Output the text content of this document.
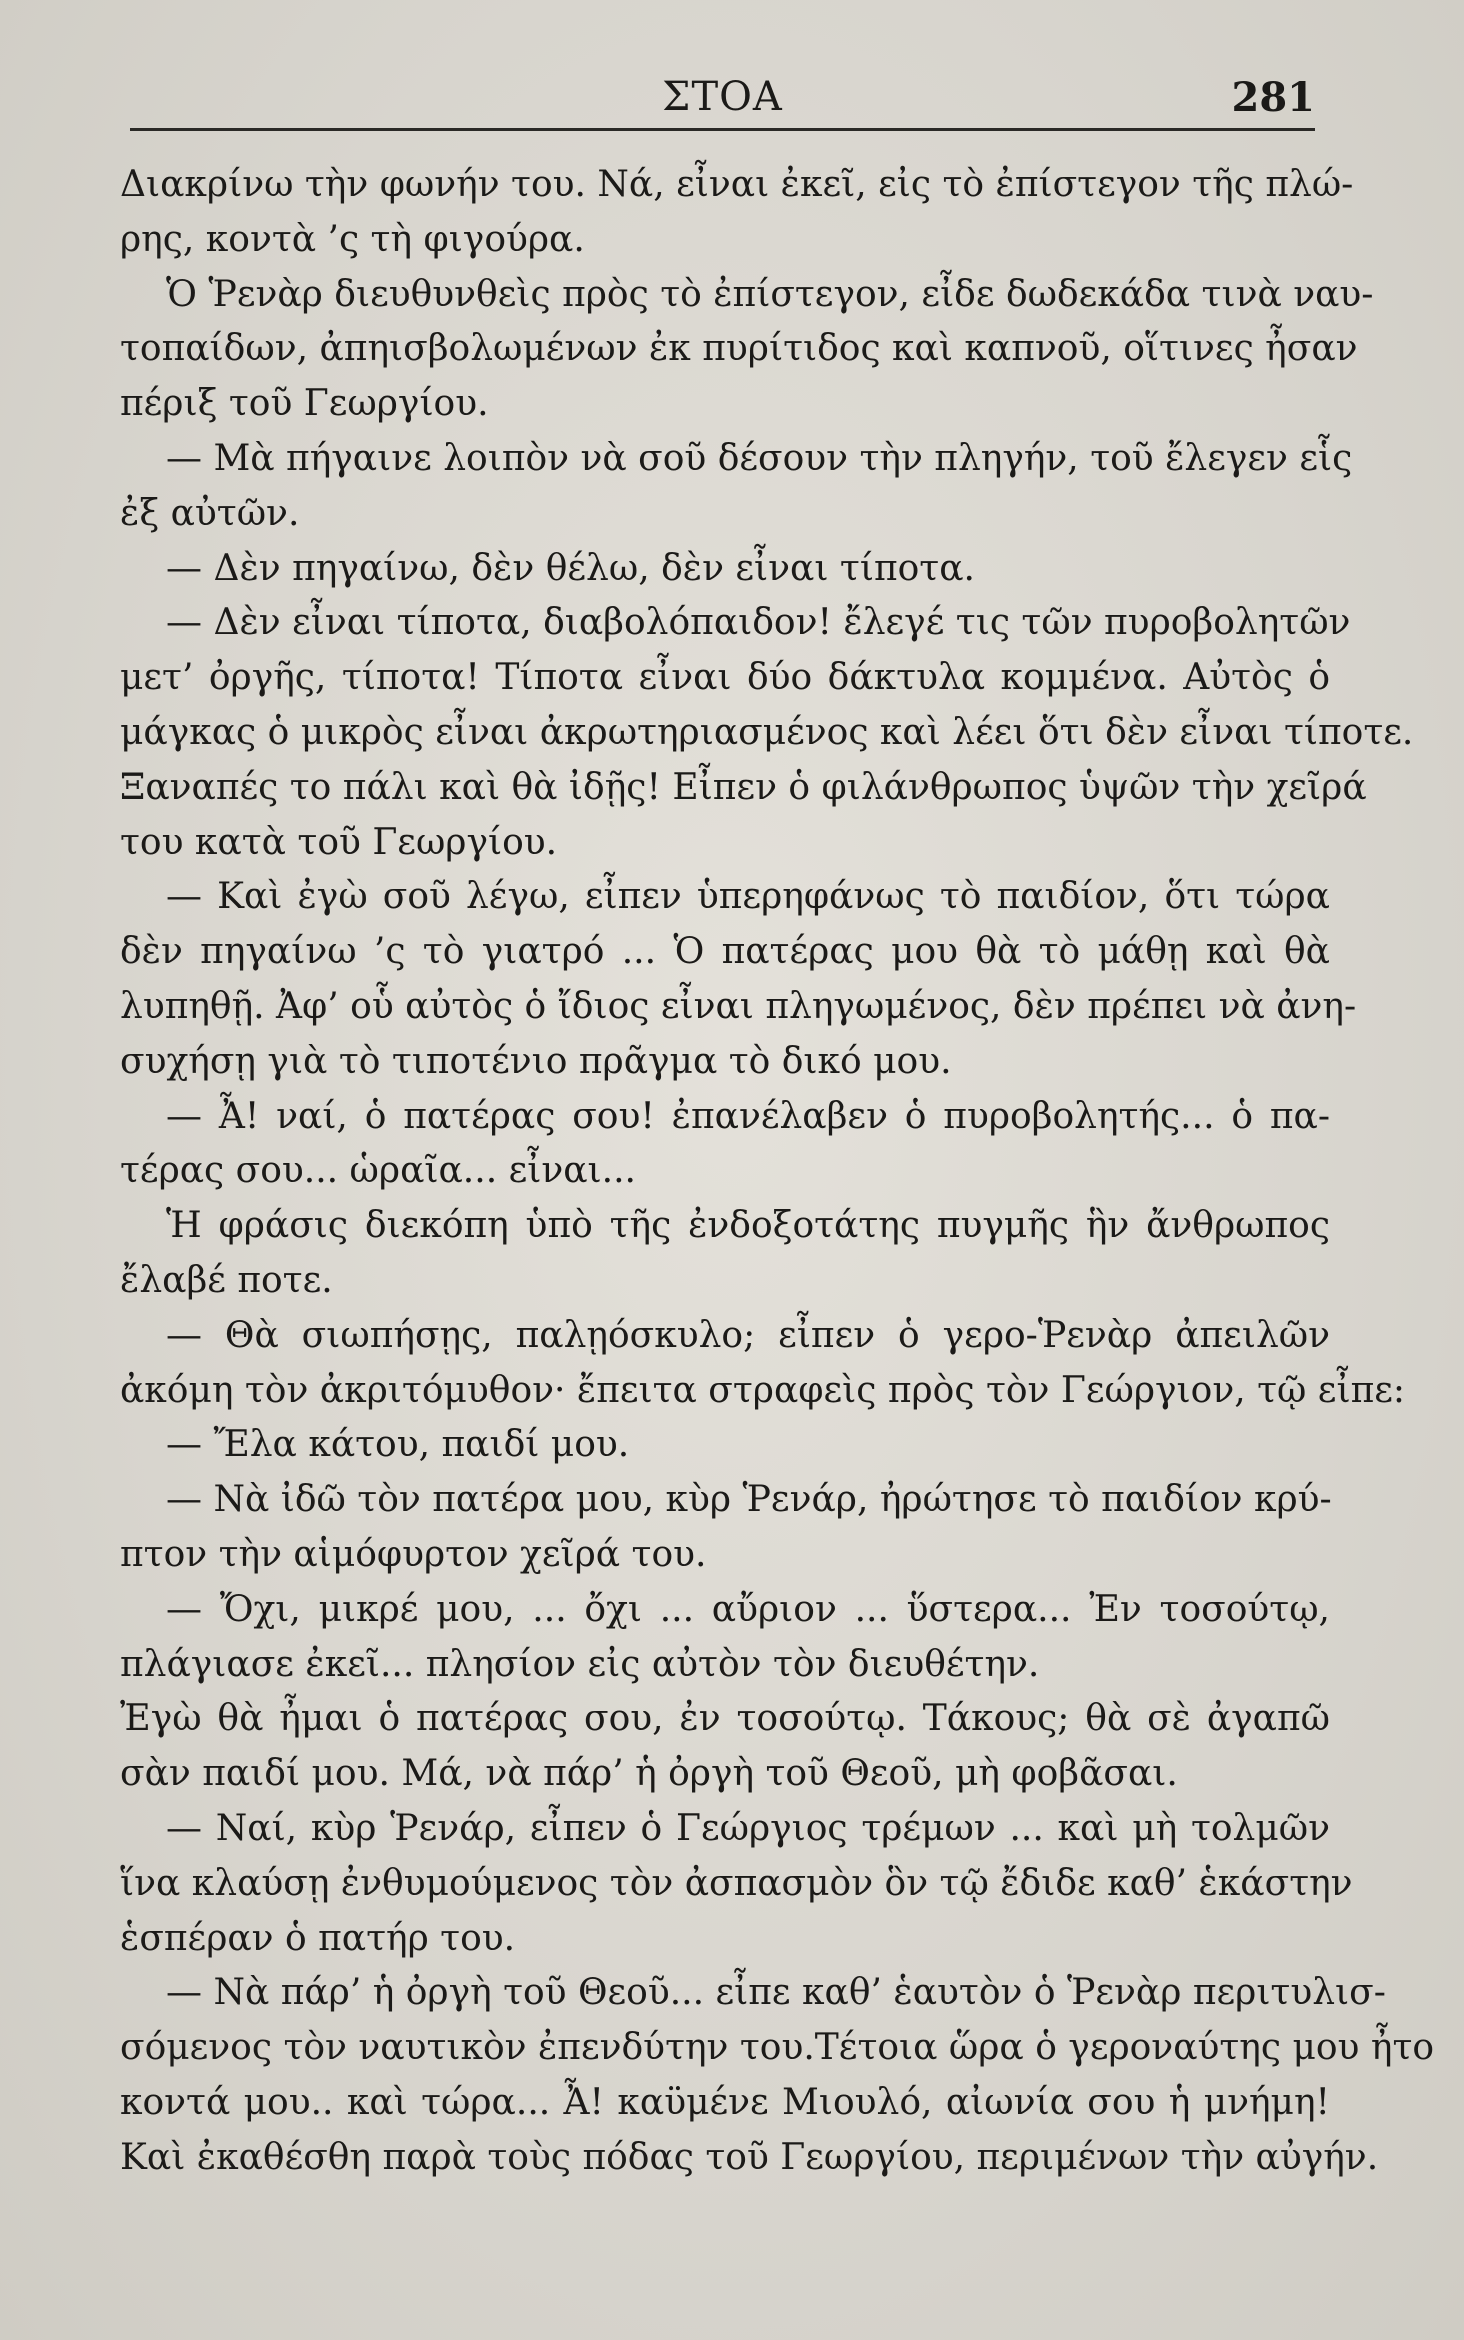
ΣΤΟΑ	281
Διακρίνω τὴν φωνήν του. Νά, εἶναι ἐκεῖ, εἰς τὸ ἐπίστεγον τῆς πλώ-
ρης, κοντὰ ’ς τὴ φιγούρα.
Ὁ Ῥενὰρ διευθυνθεὶς πρὸς τὸ ἐπίστεγον, εἶδε δωδεκάδα τινὰ ναυ-
τοπαίδων, ἀπηισβολωμένων ἐκ πυρίτιδος καὶ καπνοῦ, οἵτινες ἦσαν
πέριξ τοῦ Γεωργίου.
— Μὰ πήγαινε λοιπὸν νὰ σοῦ δέσουν τὴν πληγήν, τοῦ ἔλεγεν εἷς
ἐξ αὐτῶν.
— Δὲν πηγαίνω, δὲν θέλω, δὲν εἶναι τίποτα.
— Δὲν εἶναι τίποτα, διαβολόπαιδον! ἔλεγέ τις τῶν πυροβολητῶν
μετ’ ὀργῆς, τίποτα! Τίποτα εἶναι δύο δάκτυλα κομμένα. Αὐτὸς ὁ
μάγκας ὁ μικρὸς εἶναι ἀκρωτηριασμένος καὶ λέει ὅτι δὲν εἶναι τίποτε.
Ξαναπές το πάλι καὶ θὰ ἰδῇς! Εἶπεν ὁ φιλάνθρωπος ὑψῶν τὴν χεῖρά
του κατὰ τοῦ Γεωργίου.
— Καὶ ἐγὼ σοῦ λέγω, εἶπεν ὑπερηφάνως τὸ παιδίον, ὅτι τώρα
δὲν πηγαίνω ’ς τὸ γιατρό ... Ὁ πατέρας μου θὰ τὸ μάθῃ καὶ θὰ
λυπηθῇ. Ἀφ’ οὗ αὐτὸς ὁ ἴδιος εἶναι πληγωμένος, δὲν πρέπει νὰ ἀνη-
συχήσῃ γιὰ τὸ τιποτένιο πρᾶγμα τὸ δικό μου.
— Ἆ! ναί, ὁ πατέρας σου! ἐπανέλαβεν ὁ πυροβολητής... ὁ πα-
τέρας σου... ὡραῖα... εἶναι...
Ἡ φράσις διεκόπη ὑπὸ τῆς ἐνδοξοτάτης πυγμῆς ἣν ἄνθρωπος
ἔλαβέ ποτε.
— Θὰ σιωπήσῃς, παλῃόσκυλο; εἶπεν ὁ γερο-Ῥενὰρ ἀπειλῶν
ἀκόμη τὸν ἀκριτόμυθον· ἔπειτα στραφεὶς πρὸς τὸν Γεώργιον, τῷ εἶπε:
— Ἔλα κάτου, παιδί μου.
— Νὰ ἰδῶ τὸν πατέρα μου, κὺρ Ῥενάρ, ἠρώτησε τὸ παιδίον κρύ-
πτον τὴν αἱμόφυρτον χεῖρά του.
— Ὄχι, μικρέ μου, ... ὄχι ... αὔριον ... ὕστερα... Ἐν τοσούτῳ,
πλάγιασε ἐκεῖ... πλησίον εἰς αὐτὸν τὸν διευθέτην.
Ἐγὼ θὰ ἦμαι ὁ πατέρας σου, ἐν τοσούτῳ. Τάκους; θὰ σὲ ἀγαπῶ
σὰν παιδί μου. Μά, νὰ πάρ’ ἡ ὀργὴ τοῦ Θεοῦ, μὴ φοβᾶσαι.
— Ναί, κὺρ Ῥενάρ, εἶπεν ὁ Γεώργιος τρέμων ... καὶ μὴ τολμῶν
ἵνα κλαύσῃ ἐνθυμούμενος τὸν ἀσπασμὸν ὃν τῷ ἔδιδε καθ’ ἑκάστην
ἑσπέραν ὁ πατήρ του.
— Νὰ πάρ’ ἡ ὀργὴ τοῦ Θεοῦ... εἶπε καθ’ ἑαυτὸν ὁ Ῥενὰρ περιτυλισ-
σόμενος τὸν ναυτικὸν ἐπενδύτην του.Τέτοια ὥρα ὁ γεροναύτης μου ἦτο
κοντά μου.. καὶ τώρα... Ἆ! καϋμένε Μιουλό, αἰωνία σου ἡ μνήμη!
Καὶ ἐκαθέσθη παρὰ τοὺς πόδας τοῦ Γεωργίου, περιμένων τὴν αὐγήν.
